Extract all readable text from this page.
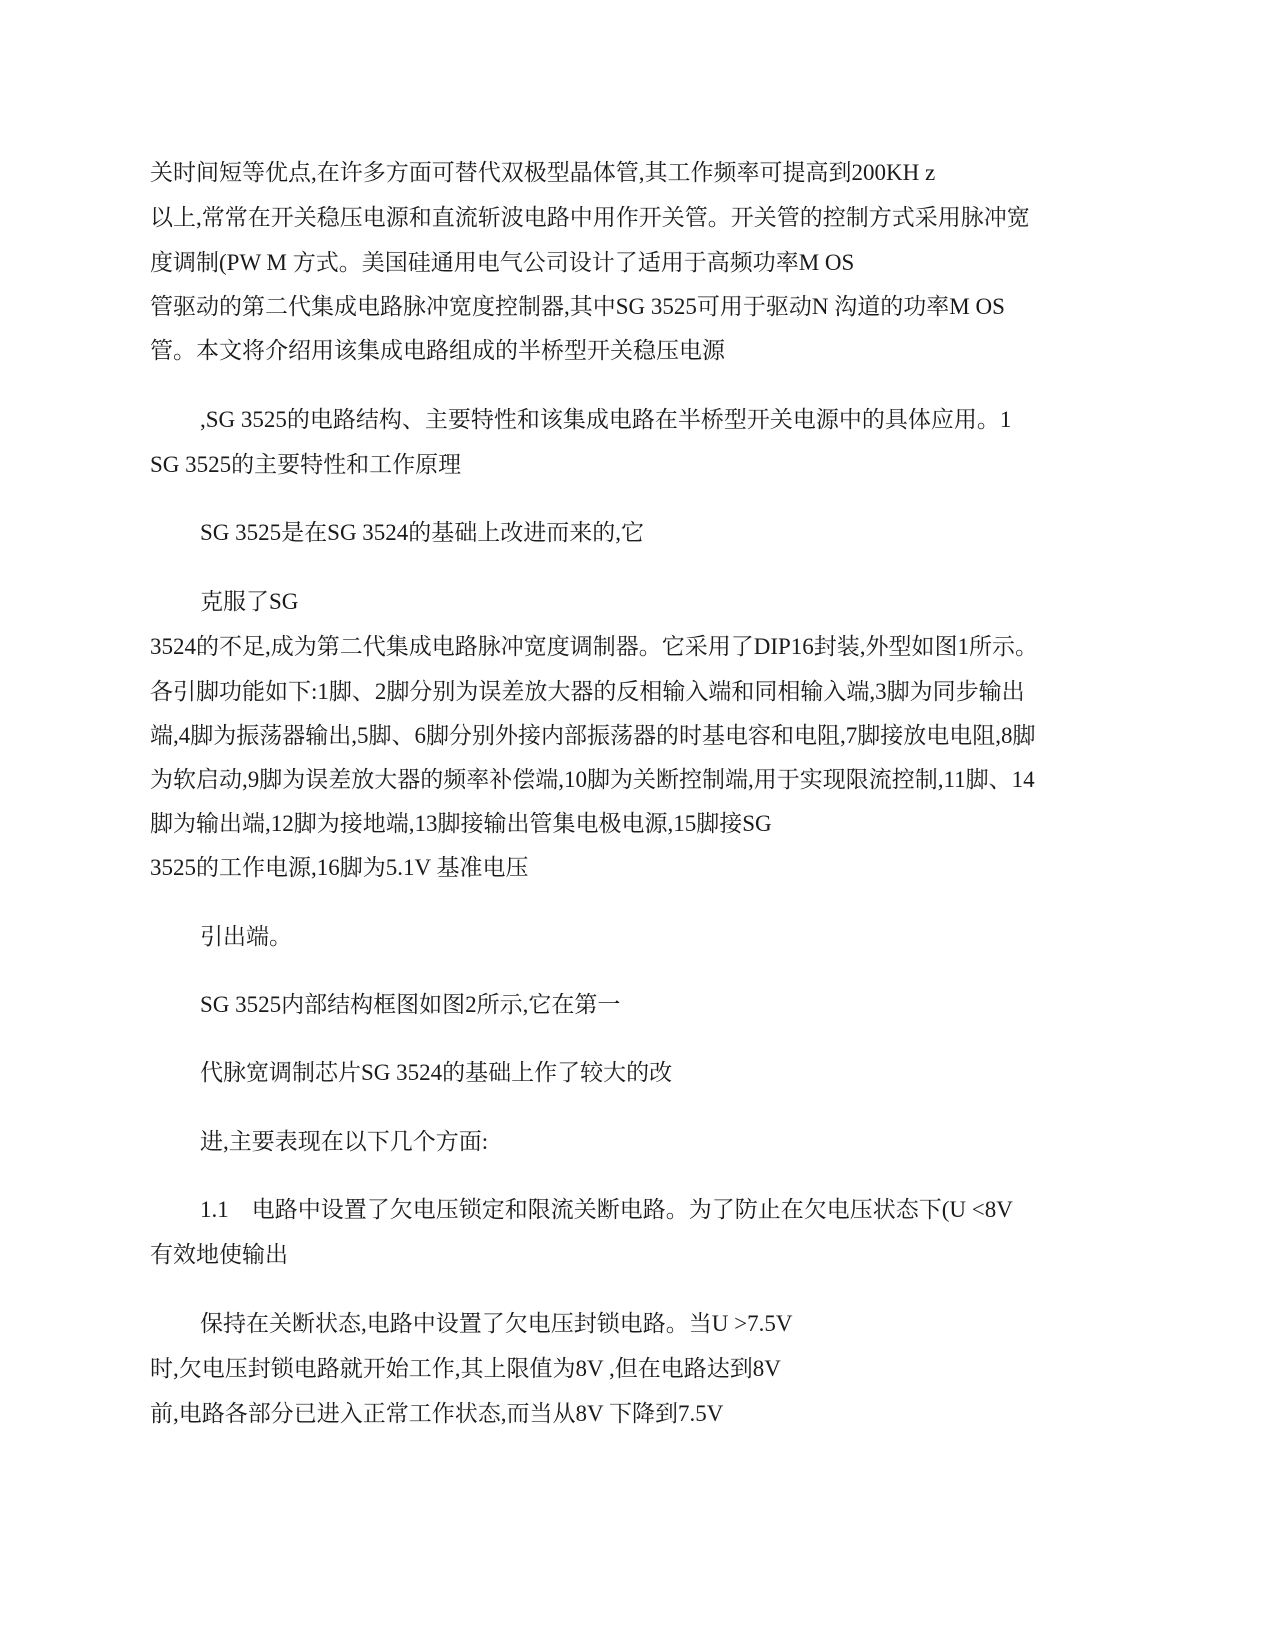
关时间短等优点,在许多方面可替代双极型晶体管,其工作频率可提高到200KH z
以上,常常在开关稳压电源和直流斩波电路中用作开关管。开关管的控制方式采用脉冲宽
度调制(PW M 方式。美国硅通用电气公司设计了适用于高频功率M OS
管驱动的第二代集成电路脉冲宽度控制器,其中SG 3525可用于驱动N 沟道的功率M OS
管。本文将介绍用该集成电路组成的半桥型开关稳压电源
,SG 3525的电路结构、主要特性和该集成电路在半桥型开关电源中的具体应用。1
SG 3525的主要特性和工作原理
SG 3525是在SG 3524的基础上改进而来的,它
克服了SG
3524的不足,成为第二代集成电路脉冲宽度调制器。它采用了DIP16封装,外型如图1所示。
各引脚功能如下:1脚、2脚分别为误差放大器的反相输入端和同相输入端,3脚为同步输出
端,4脚为振荡器输出,5脚、6脚分别外接内部振荡器的时基电容和电阻,7脚接放电电阻,8脚
为软启动,9脚为误差放大器的频率补偿端,10脚为关断控制端,用于实现限流控制,11脚、14
脚为输出端,12脚为接地端,13脚接输出管集电极电源,15脚接SG
3525的工作电源,16脚为5.1V 基准电压
引出端。
SG 3525内部结构框图如图2所示,它在第一
代脉宽调制芯片SG 3524的基础上作了较大的改
进,主要表现在以下几个方面:
1.1　电路中设置了欠电压锁定和限流关断电路。为了防止在欠电压状态下(U <8V
有效地使输出
保持在关断状态,电路中设置了欠电压封锁电路。当U >7.5V
时,欠电压封锁电路就开始工作,其上限值为8V ,但在电路达到8V
前,电路各部分已进入正常工作状态,而当从8V 下降到7.5V
